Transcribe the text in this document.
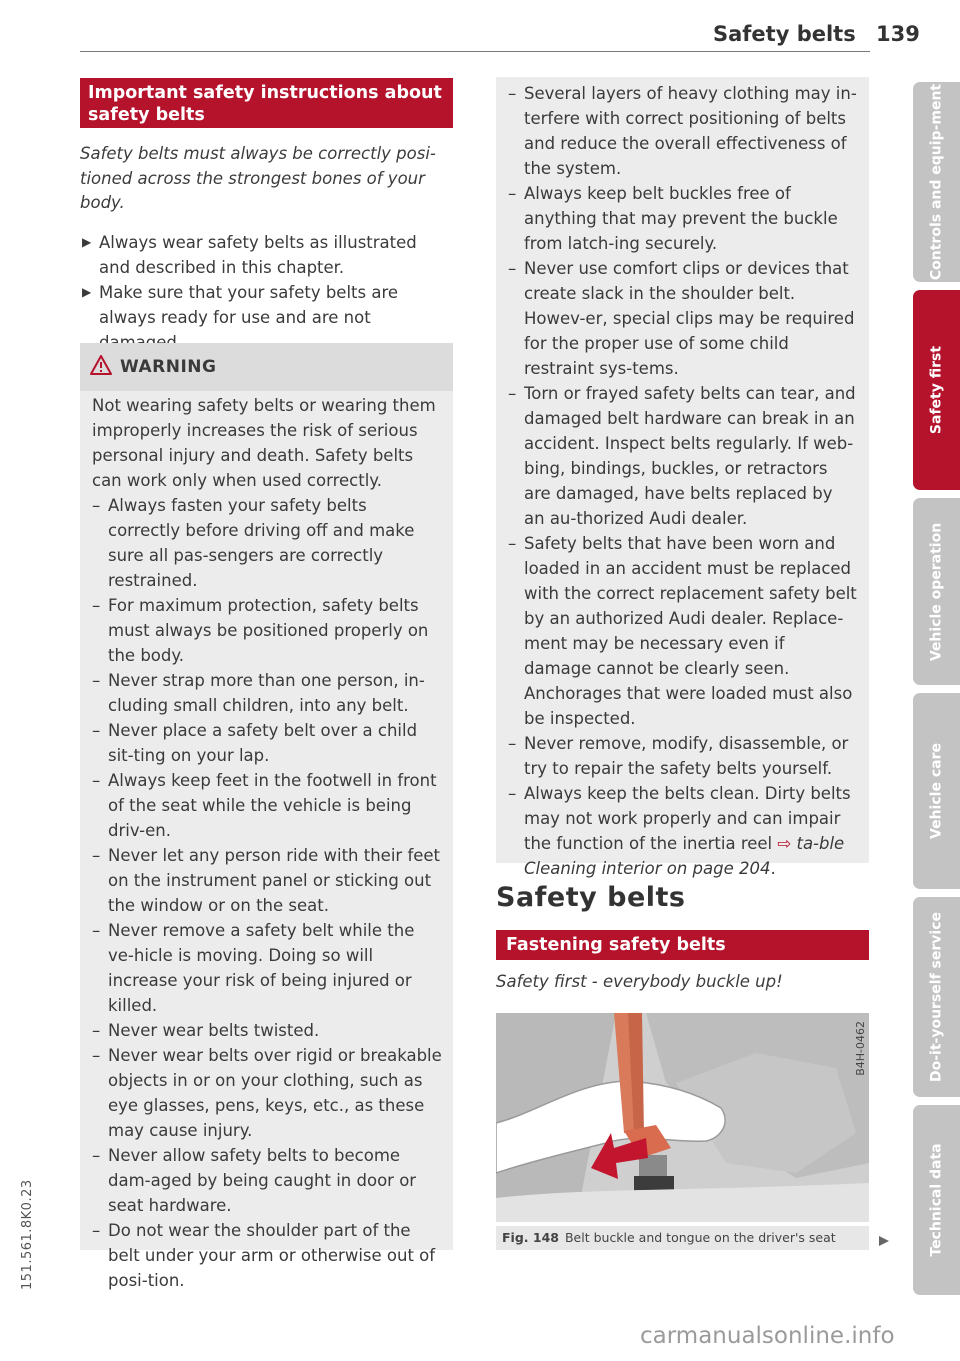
Safety belts 139
Important safety instructions about safety belts
Safety belts must always be correctly posi-tioned across the strongest bones of your body.
▶ Always wear safety belts as illustrated and described in this chapter.
▶ Make sure that your safety belts are always ready for use and are not
WARNING

Not wearing safety belts or wearing them improperly increases the risk of serious personal injury and death. Safety belts can work only when used correctly.

– Always fasten your safety belts correctly before driving off and make sure all pas-sengers are correctly restrained.
– For maximum protection, safety belts must always be positioned properly on the body.
– Never strap more than one person, in-cluding small children, into any belt.
– Never place a safety belt over a child sit-ting on your lap.
– Always keep feet in the footwell in front of the seat while the vehicle is being driv-en.
– Never let any person ride with their feet on the instrument panel or sticking out the window or on the seat.
– Never remove a safety belt while the ve-hicle is moving. Doing so will increase your risk of being injured or killed.
– Never wear belts twisted.
– Never wear belts over rigid or breakable objects in or on your clothing, such as eye glasses, pens, keys, etc., as these may cause injury.
– Never allow safety belts to become dam-aged by being caught in door or seat hardware.
– Do not wear the shoulder part of the belt under your arm or otherwise out of posi-tion.
– Several layers of heavy clothing may in-terfere with correct positioning of belts and reduce the overall effectiveness of the system.
– Always keep belt buckles free of anything that may prevent the buckle from latch-ing securely.
– Never use comfort clips or devices that create slack in the shoulder belt. Howev-er, special clips may be required for the proper use of some child restraint sys-tems.
– Torn or frayed safety belts can tear, and damaged belt hardware can break in an accident. Inspect belts regularly. If web-bing, bindings, buckles, or retractors are damaged, have belts replaced by an au-thorized Audi dealer.
– Safety belts that have been worn and loaded in an accident must be replaced with the correct replacement safety belt by an authorized Audi dealer. Replace-ment may be necessary even if damage cannot be clearly seen. Anchorages that were loaded must also be inspected.
– Never remove, modify, disassemble, or try to repair the safety belts yourself.
– Always keep the belts clean. Dirty belts may not work properly and can impair the function of the inertia reel ⇨ ta-ble Cleaning interior on page 204.
Safety belts
Fastening safety belts
Safety first - everybody buckle up!
B4H-0462
Fig. 148 Belt buckle and tongue on the driver's seat
Controls and equip-ment
Safety first
Vehicle operation
Vehicle care
Do-it-yourself service
Technical data
151.561.8K0.23
carmanualsonline.info
